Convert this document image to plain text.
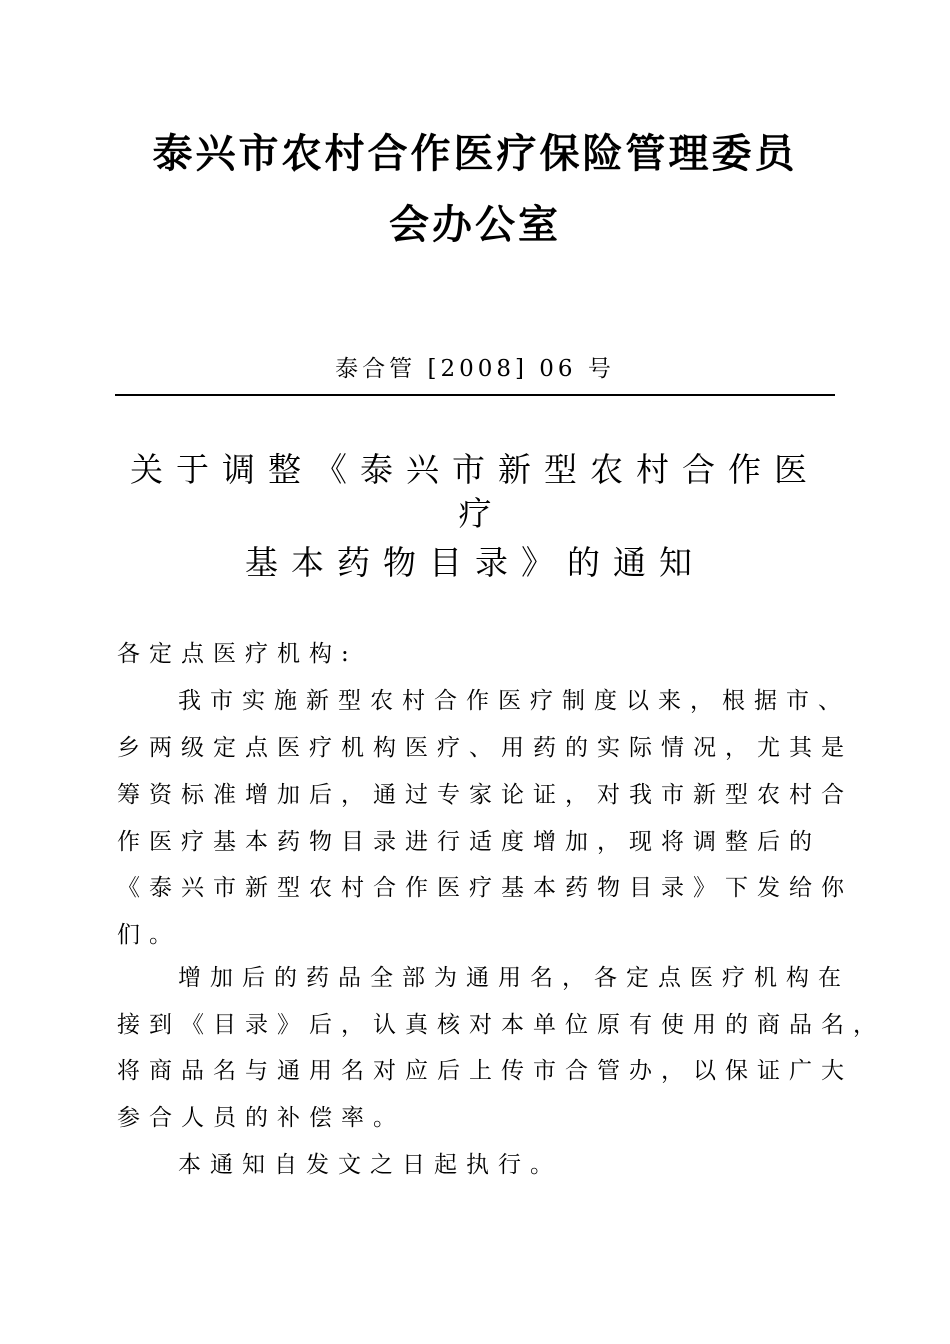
泰兴市农村合作医疗保险管理委员
会办公室
泰合管 [2008] 06 号
关于调整《泰兴市新型农村合作医
疗
基本药物目录》的通知
各定点医疗机构:
我市实施新型农村合作医疗制度以来，根据市、
乡两级定点医疗机构医疗、用药的实际情况，尤其是
筹资标准增加后，通过专家论证，对我市新型农村合
作医疗基本药物目录进行适度增加，现将调整后的
《泰兴市新型农村合作医疗基本药物目录》下发给你
们。
增加后的药品全部为通用名，各定点医疗机构在
接到《目录》后，认真核对本单位原有使用的商品名，
将商品名与通用名对应后上传市合管办，以保证广大
参合人员的补偿率。
本通知自发文之日起执行。
